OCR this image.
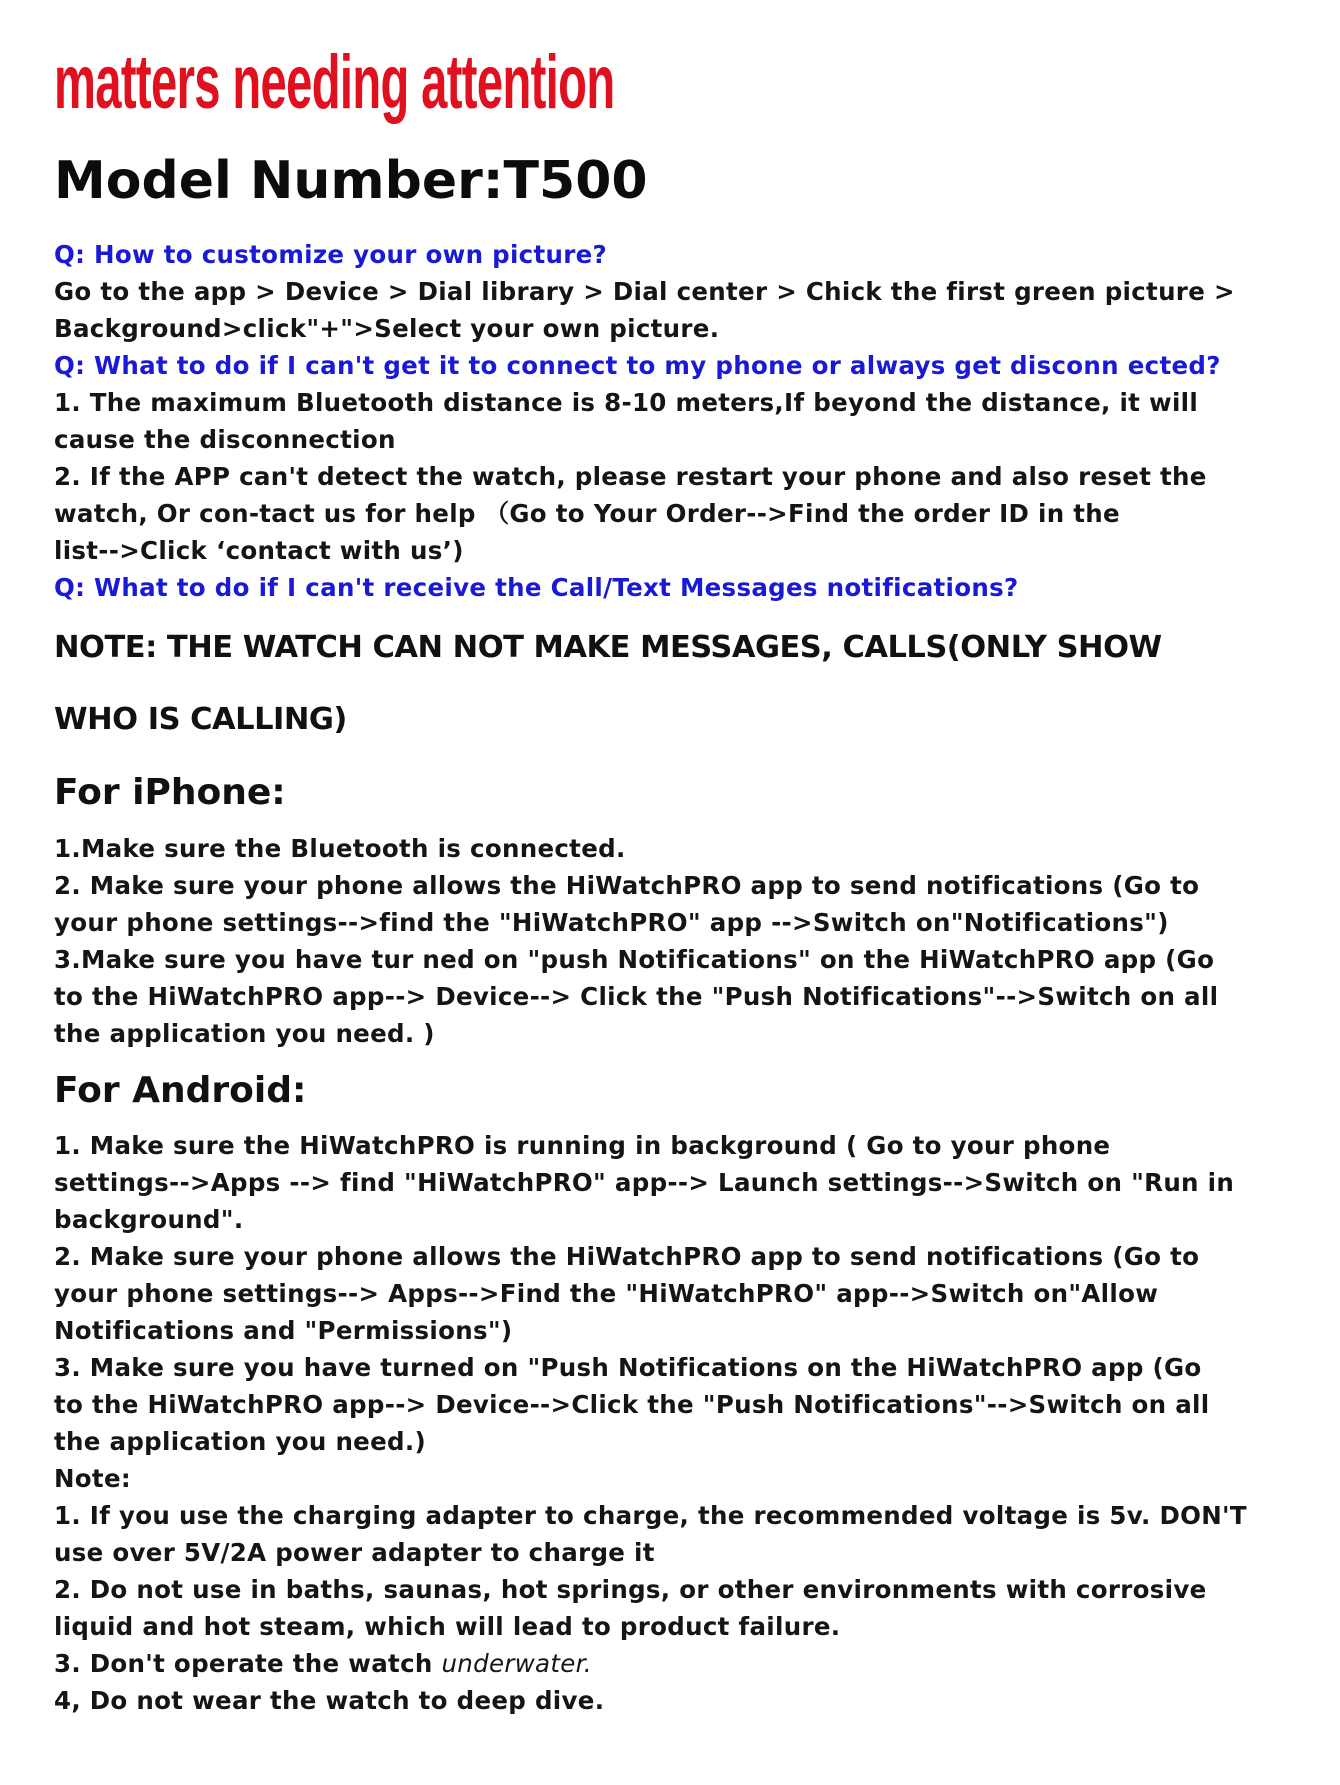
matters needing attention
Model Number:T500
Q: How to customize your own picture?
Go to the app > Device > Dial library > Dial center > Chick the first green picture >
Background>click"+">Select your own picture.
Q: What to do if I can't get it to connect to my phone or always get disconn ected?
1. The maximum Bluetooth distance is 8-10 meters,If beyond the distance, it will
cause the disconnection
2. If the APP can't detect the watch, please restart your phone and also reset the
watch, Or con-tact us for help （Go to Your Order-->Find the order ID in the
list-->Click ‘contact with us’)
Q: What to do if I can't receive the Call/Text Messages notifications?
NOTE: THE WATCH CAN NOT MAKE MESSAGES, CALLS(ONLY SHOW
WHO IS CALLING)
For iPhone:
1.Make sure the Bluetooth is connected.
2. Make sure your phone allows the HiWatchPRO app to send notifications (Go to
your phone settings-->find the "HiWatchPRO" app -->Switch on"Notifications")
3.Make sure you have tur ned on "push Notifications" on the HiWatchPRO app (Go
to the HiWatchPRO app--> Device--> Click the "Push Notifications"-->Switch on all
the application you need. )
For Android:
1. Make sure the HiWatchPRO is running in background ( Go to your phone
settings-->Apps --> find "HiWatchPRO" app--> Launch settings-->Switch on "Run in
background".
2. Make sure your phone allows the HiWatchPRO app to send notifications (Go to
your phone settings--> Apps-->Find the "HiWatchPRO" app-->Switch on"Allow
Notifications and "Permissions")
3. Make sure you have turned on "Push Notifications on the HiWatchPRO app (Go
to the HiWatchPRO app--> Device-->Click the "Push Notifications"-->Switch on all
the application you need.)
Note:
1. If you use the charging adapter to charge, the recommended voltage is 5v. DON'T
use over 5V/2A power adapter to charge it
2. Do not use in baths, saunas, hot springs, or other environments with corrosive
liquid and hot steam, which will lead to product failure.
3. Don't operate the watch underwater.
4, Do not wear the watch to deep dive.
